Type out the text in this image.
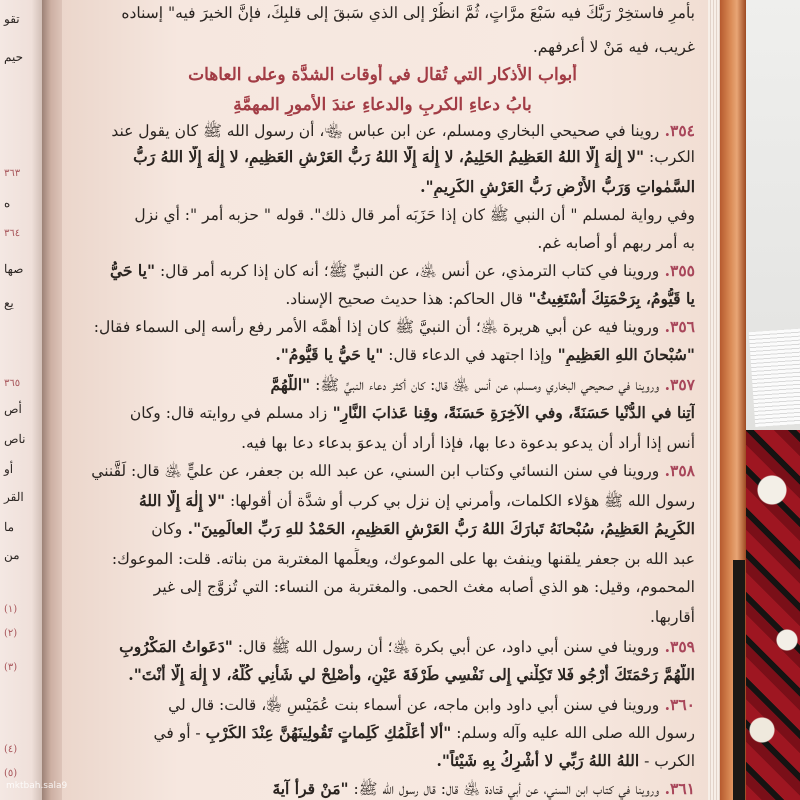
تقو
حيم
٣٦٣
ه
٣٦٤
صها
يع
٣٦٥
أص
ناص
أو
القر
ما
من
(١)
(٢)
(٣)
(٤)
(٥)
بأمرٍ فاستخِرْ رَبَّكَ فيه سَبْعَ مرَّاتٍ، ثُمَّ انظُرْ إلى الذي سَبقَ إلى قلبِكَ، فإنَّ الخيرَ فيه" إسناده
غريب، فيه مَنْ لا أعرفهم.
أبواب الأذكار التي تُقال في أوقات الشدَّة وعلى العاهات
بابُ دعاءِ الكربِ والدعاءِ عندَ الأمورِ المهمَّةِ
٣٥٤. روينا في صحيحي البخاري ومسلم، عن ابن عباس ﵄، أن رسول الله ﷺ كان يقول عند
الكرب: "لا إِلٰهَ إِلَّا اللهُ العَظِيمُ الحَلِيمُ، لا إِلٰهَ إِلَّا اللهُ رَبُّ العَرْشِ العَظِيمِ، لا إِلٰهَ إِلَّا اللهُ رَبُّ
السَّمٰواتِ وَرَبُّ الأَرْضِ رَبُّ العَرْشِ الكَرِيمِ".
وفي رواية لمسلم " أن النبي ﷺ كان إذا حَزَبَه أمر قال ذلك". قوله " حزبه أمر ": أي نزل
به أمر ربهم أو أصابه غم.
٣٥٥. وروينا في كتاب الترمذي، عن أنس ﵁، عن النبيِّ ﷺ؛ أنه كان إذا كربه أمر قال: "يا حَيُّ
يا قَيُّومُ، بِرَحْمَتِكَ أَسْتَغِيثُ" قال الحاكم: هذا حديث صحيح الإسناد.
٣٥٦. وروينا فيه عن أبي هريرة ﵁؛ أن النبيَّ ﷺ كان إذا أهمَّه الأمر رفع رأسه إلى السماء فقال:
"سُبْحانَ اللهِ العَظِيمِ" وإذا اجتهد في الدعاء قال: "يا حَيُّ يا قَيُّومُ".
٣٥٧. وروينا في صحيحي البخاري ومسلم، عن أنس ﵁ قال: كان أكثر دعاء النبيِّ ﷺ: "اللَّهُمَّ
آتِنا في الدُّنْيا حَسَنَةً، وفي الآخِرَةِ حَسَنَةً، وقِنا عَذابَ النَّارِ" زاد مسلم في روايته قال: وكان
أنس إذا أراد أن يدعو بدعوة دعا بها، فإذا أراد أن يدعوَ بدعاء دعا بها فيه.
٣٥٨. وروينا في سنن النسائي وكتاب ابن السني، عن عبد الله بن جعفر، عن عليٍّ ﵁ قال: لَقَّنني
رسول الله ﷺ هؤلاء الكلمات، وأمرني إن نزل بي كرب أو شدَّة أن أقولها: "لا إِلٰهَ إِلَّا اللهُ
الكَرِيمُ العَظِيمُ، سُبْحانَهُ تَبارَكَ اللهُ رَبُّ العَرْشِ العَظِيمِ، الحَمْدُ للهِ رَبِّ العالَمِينَ". وكان
عبد الله بن جعفر يلقنها وينفث بها على الموعوك، ويعلِّمها المغتربة من بناته. قلت: الموعوك:
المحموم، وقيل: هو الذي أصابه مغث الحمى. والمغتربة من النساء: التي تُزوَّج إلى غير
أقاربها.
٣٥٩. وروينا في سنن أبي داود، عن أبي بكرة ﵁؛ أن رسول الله ﷺ قال: "دَعَواتُ المَكْرُوبِ
اللَّهُمَّ رَحْمَتَكَ أَرْجُو فَلا تَكِلْني إِلى نَفْسِي طَرْفَةَ عَيْنٍ، وأَصْلِحْ لي شَأْنِي كُلَّهُ، لا إِلٰهَ إِلَّا أَنْتَ".
٣٦٠. وروينا في سنن أبي داود وابن ماجه، عن أسماء بنت عُمَيْسٍ ﵂، قالت: قال لي
رسول الله صلى الله عليه وآله وسلم: "ألا أُعَلِّمُكِ كَلِماتٍ تَقُولِينَهُنَّ عِنْدَ الكَرْبِ - أو في
الكرب - اللهُ اللهُ رَبِّي لا أُشْرِكُ بِهِ شَيْئاً".
٣٦١. وروينا في كتاب ابن السني، عن أبي قتادة ﵁ قال: قال رسول الله ﷺ: "مَنْ قرأ آيةَ
mktbah.sala9
